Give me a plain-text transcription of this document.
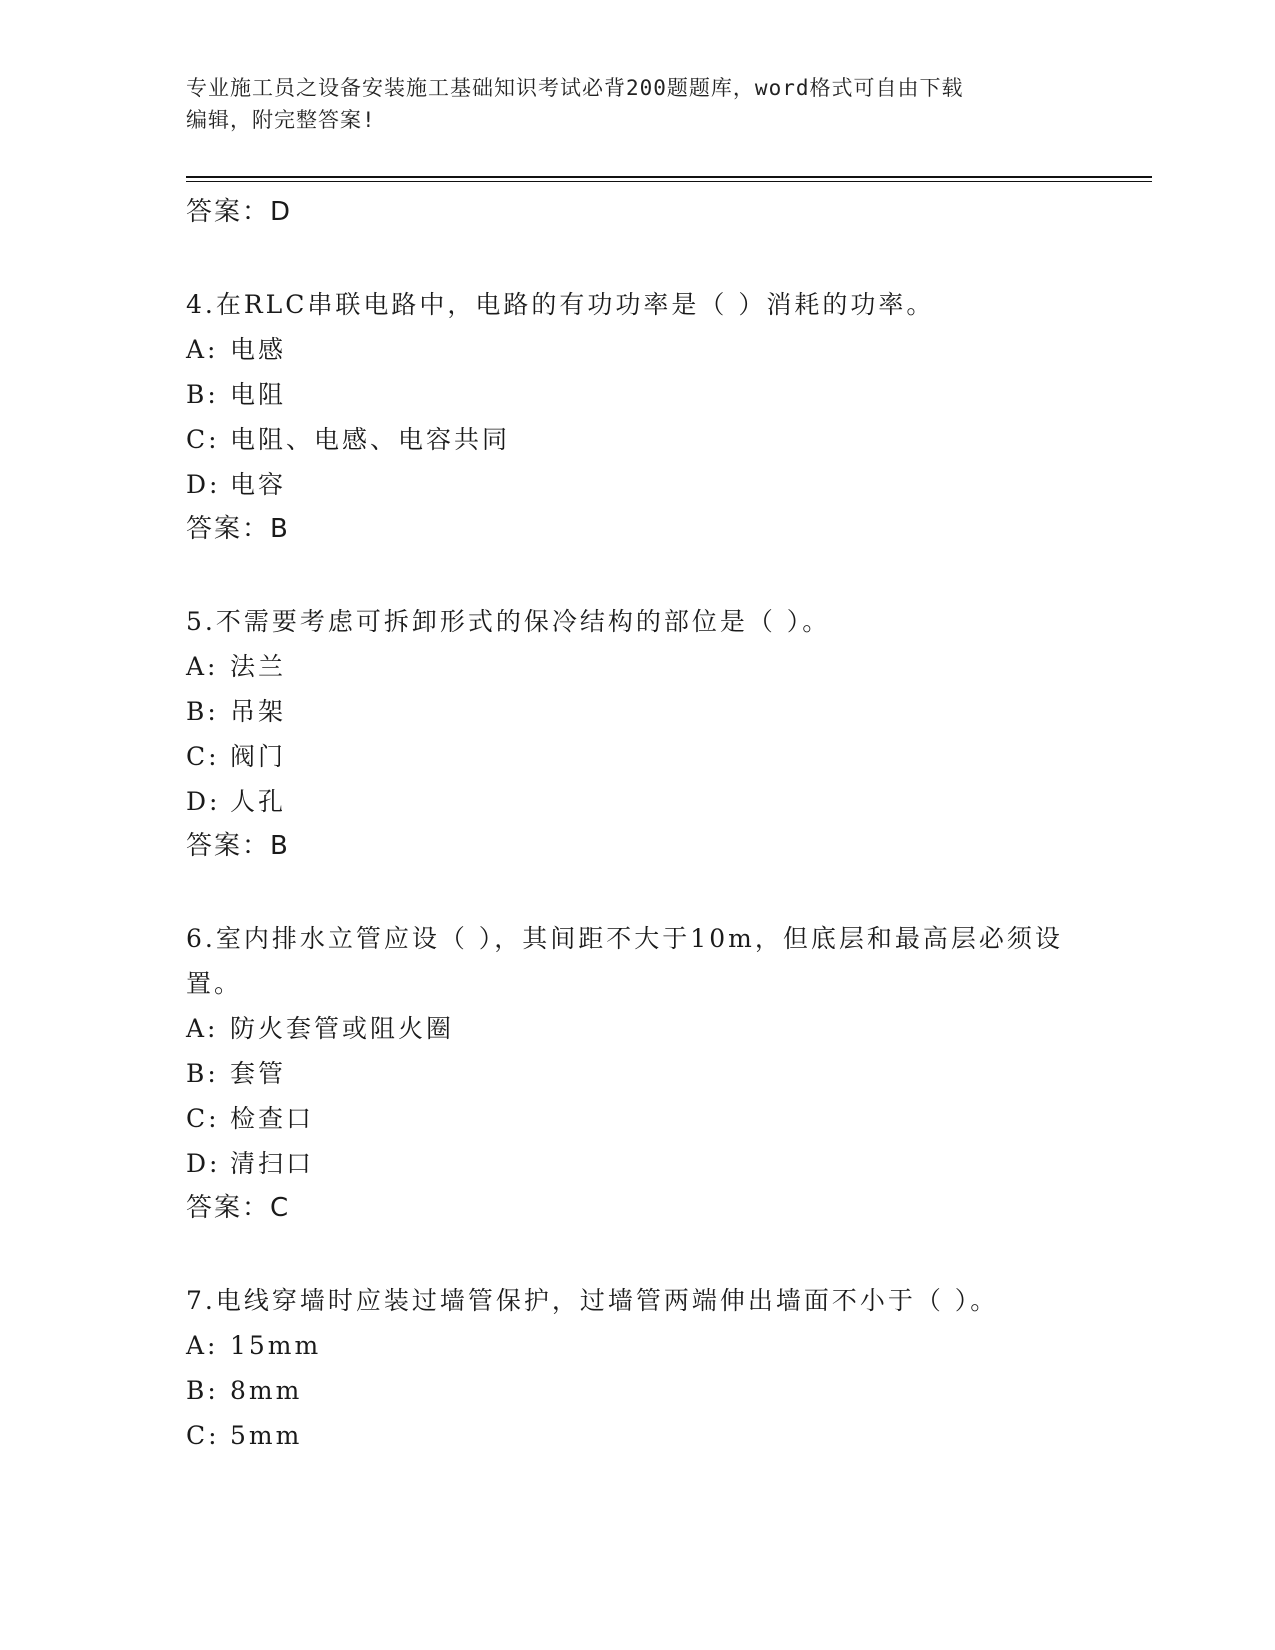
专业施工员之设备安装施工基础知识考试必背200题题库，word格式可自由下载
编辑，附完整答案!
答案：D
4.在RLC串联电路中，电路的有功功率是（ ）消耗的功率。
A: 电感
B: 电阻
C: 电阻、电感、电容共同
D: 电容
答案：B
5.不需要考虑可拆卸形式的保冷结构的部位是（ ）。
A: 法兰
B: 吊架
C: 阀门
D: 人孔
答案：B
6.室内排水立管应设（ ），其间距不大于10m，但底层和最高层必须设置。
A: 防火套管或阻火圈
B: 套管
C: 检查口
D: 清扫口
答案：C
7.电线穿墙时应装过墙管保护，过墙管两端伸出墙面不小于（ ）。
A: 15mm
B: 8mm
C: 5mm
